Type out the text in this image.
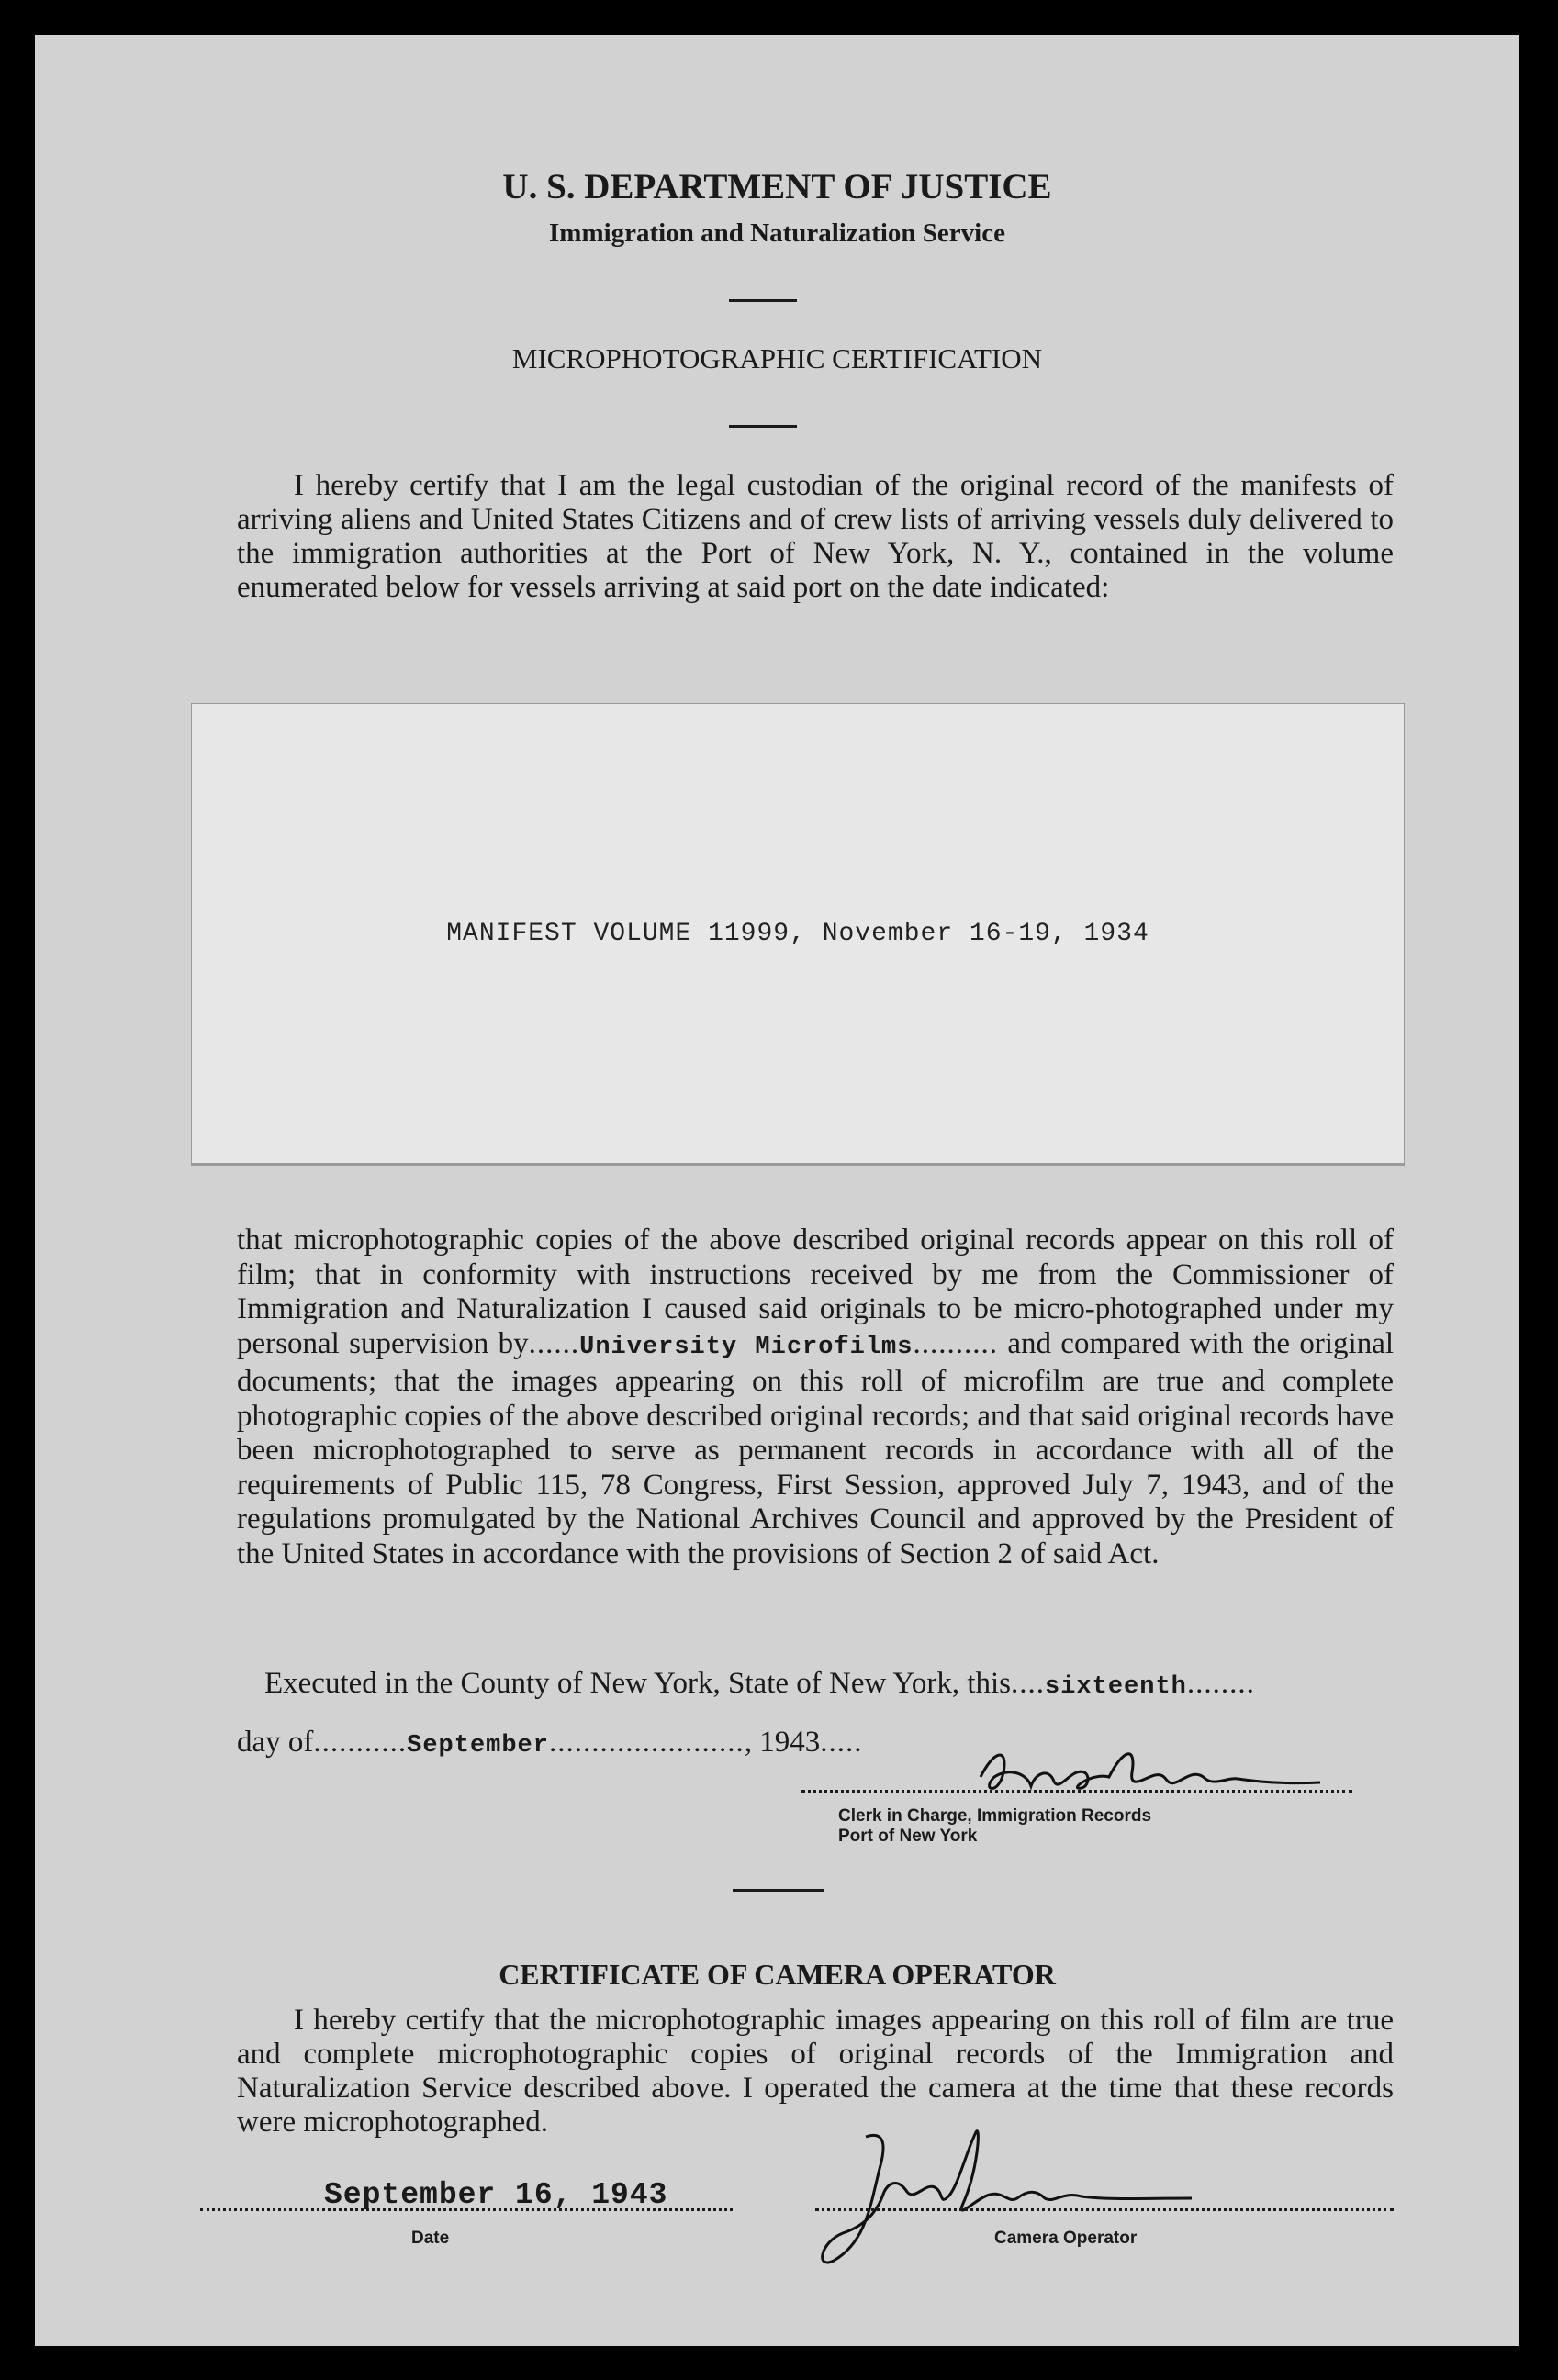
U. S. DEPARTMENT OF JUSTICE
Immigration and Naturalization Service
MICROPHOTOGRAPHIC CERTIFICATION

I hereby certify that I am the legal custodian of the original record of the manifests of arriving aliens and United States Citizens and of crew lists of arriving vessels duly delivered to the immigration authorities at the Port of New York, N. Y., contained in the volume enumerated below for vessels arriving at said port on the date indicated:

MANIFEST VOLUME 11999, November 16-19, 1934

that microphotographic copies of the above described original records appear on this roll of film; that in conformity with instructions received by me from the Commissioner of Immigration and Naturalization I caused said originals to be micro-photographed under my personal supervision by......University Microfilms.......... and compared with the original documents; that the images appearing on this roll of microfilm are true and complete photographic copies of the above described original records; and that said original records have been microphotographed to serve as permanent records in accordance with all of the requirements of Public 115, 78 Congress, First Session, approved July 7, 1943, and of the regulations promulgated by the National Archives Council and approved by the President of the United States in accordance with the provisions of Section 2 of said Act.

Executed in the County of New York, State of New York, this....sixteenth........
day of...........September......................., 1943.....
Clerk in Charge, Immigration Records
Port of New York
CERTIFICATE OF CAMERA OPERATOR

I hereby certify that the microphotographic images appearing on this roll of film are true and complete microphotographic copies of original records of the Immigration and Naturalization Service described above. I operated the camera at the time that these records were microphotographed.

September 16, 1943
Date	Camera Operator
